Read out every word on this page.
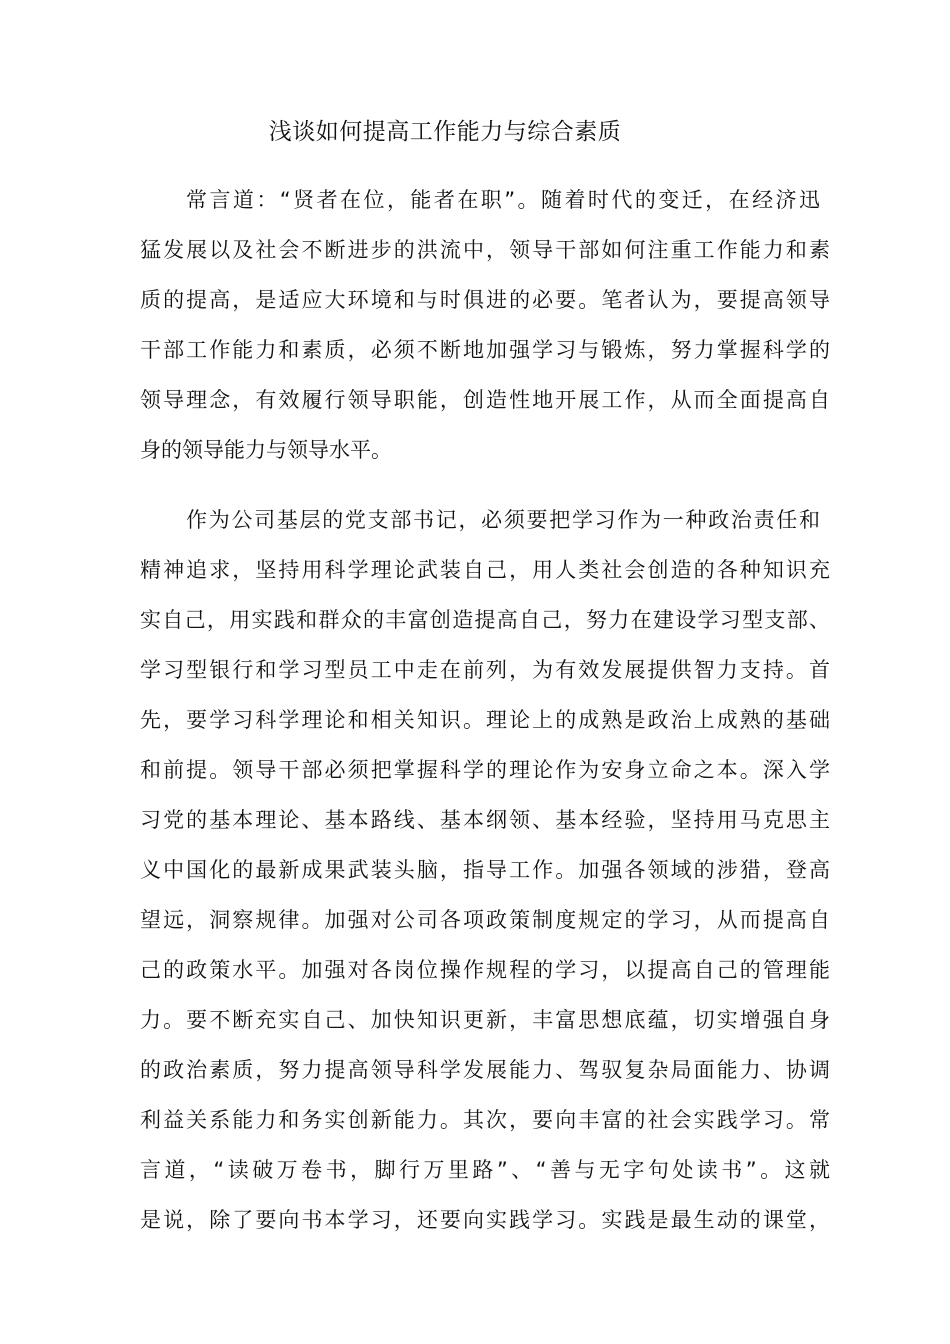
浅谈如何提高工作能力与综合素质

常言道：“贤者在位，能者在职”。随着时代的变迁，在经济迅

猛发展以及社会不断进步的洪流中，领导干部如何注重工作能力和素

质的提高，是适应大环境和与时俱进的必要。笔者认为，要提高领导

干部工作能力和素质，必须不断地加强学习与锻炼，努力掌握科学的

领导理念，有效履行领导职能，创造性地开展工作，从而全面提高自

身的领导能力与领导水平。

作为公司基层的党支部书记，必须要把学习作为一种政治责任和

精神追求，坚持用科学理论武装自己，用人类社会创造的各种知识充

实自己，用实践和群众的丰富创造提高自己，努力在建设学习型支部、

学习型银行和学习型员工中走在前列，为有效发展提供智力支持。首

先，要学习科学理论和相关知识。理论上的成熟是政治上成熟的基础

和前提。领导干部必须把掌握科学的理论作为安身立命之本。深入学

习党的基本理论、基本路线、基本纲领、基本经验，坚持用马克思主

义中国化的最新成果武装头脑，指导工作。加强各领域的涉猎，登高

望远，洞察规律。加强对公司各项政策制度规定的学习，从而提高自

己的政策水平。加强对各岗位操作规程的学习，以提高自己的管理能

力。要不断充实自己、加快知识更新，丰富思想底蕴，切实增强自身

的政治素质，努力提高领导科学发展能力、驾驭复杂局面能力、协调

利益关系能力和务实创新能力。其次，要向丰富的社会实践学习。常

言道，“读破万卷书，脚行万里路”、“善与无字句处读书”。这就

是说，除了要向书本学习，还要向实践学习。实践是最生动的课堂，
